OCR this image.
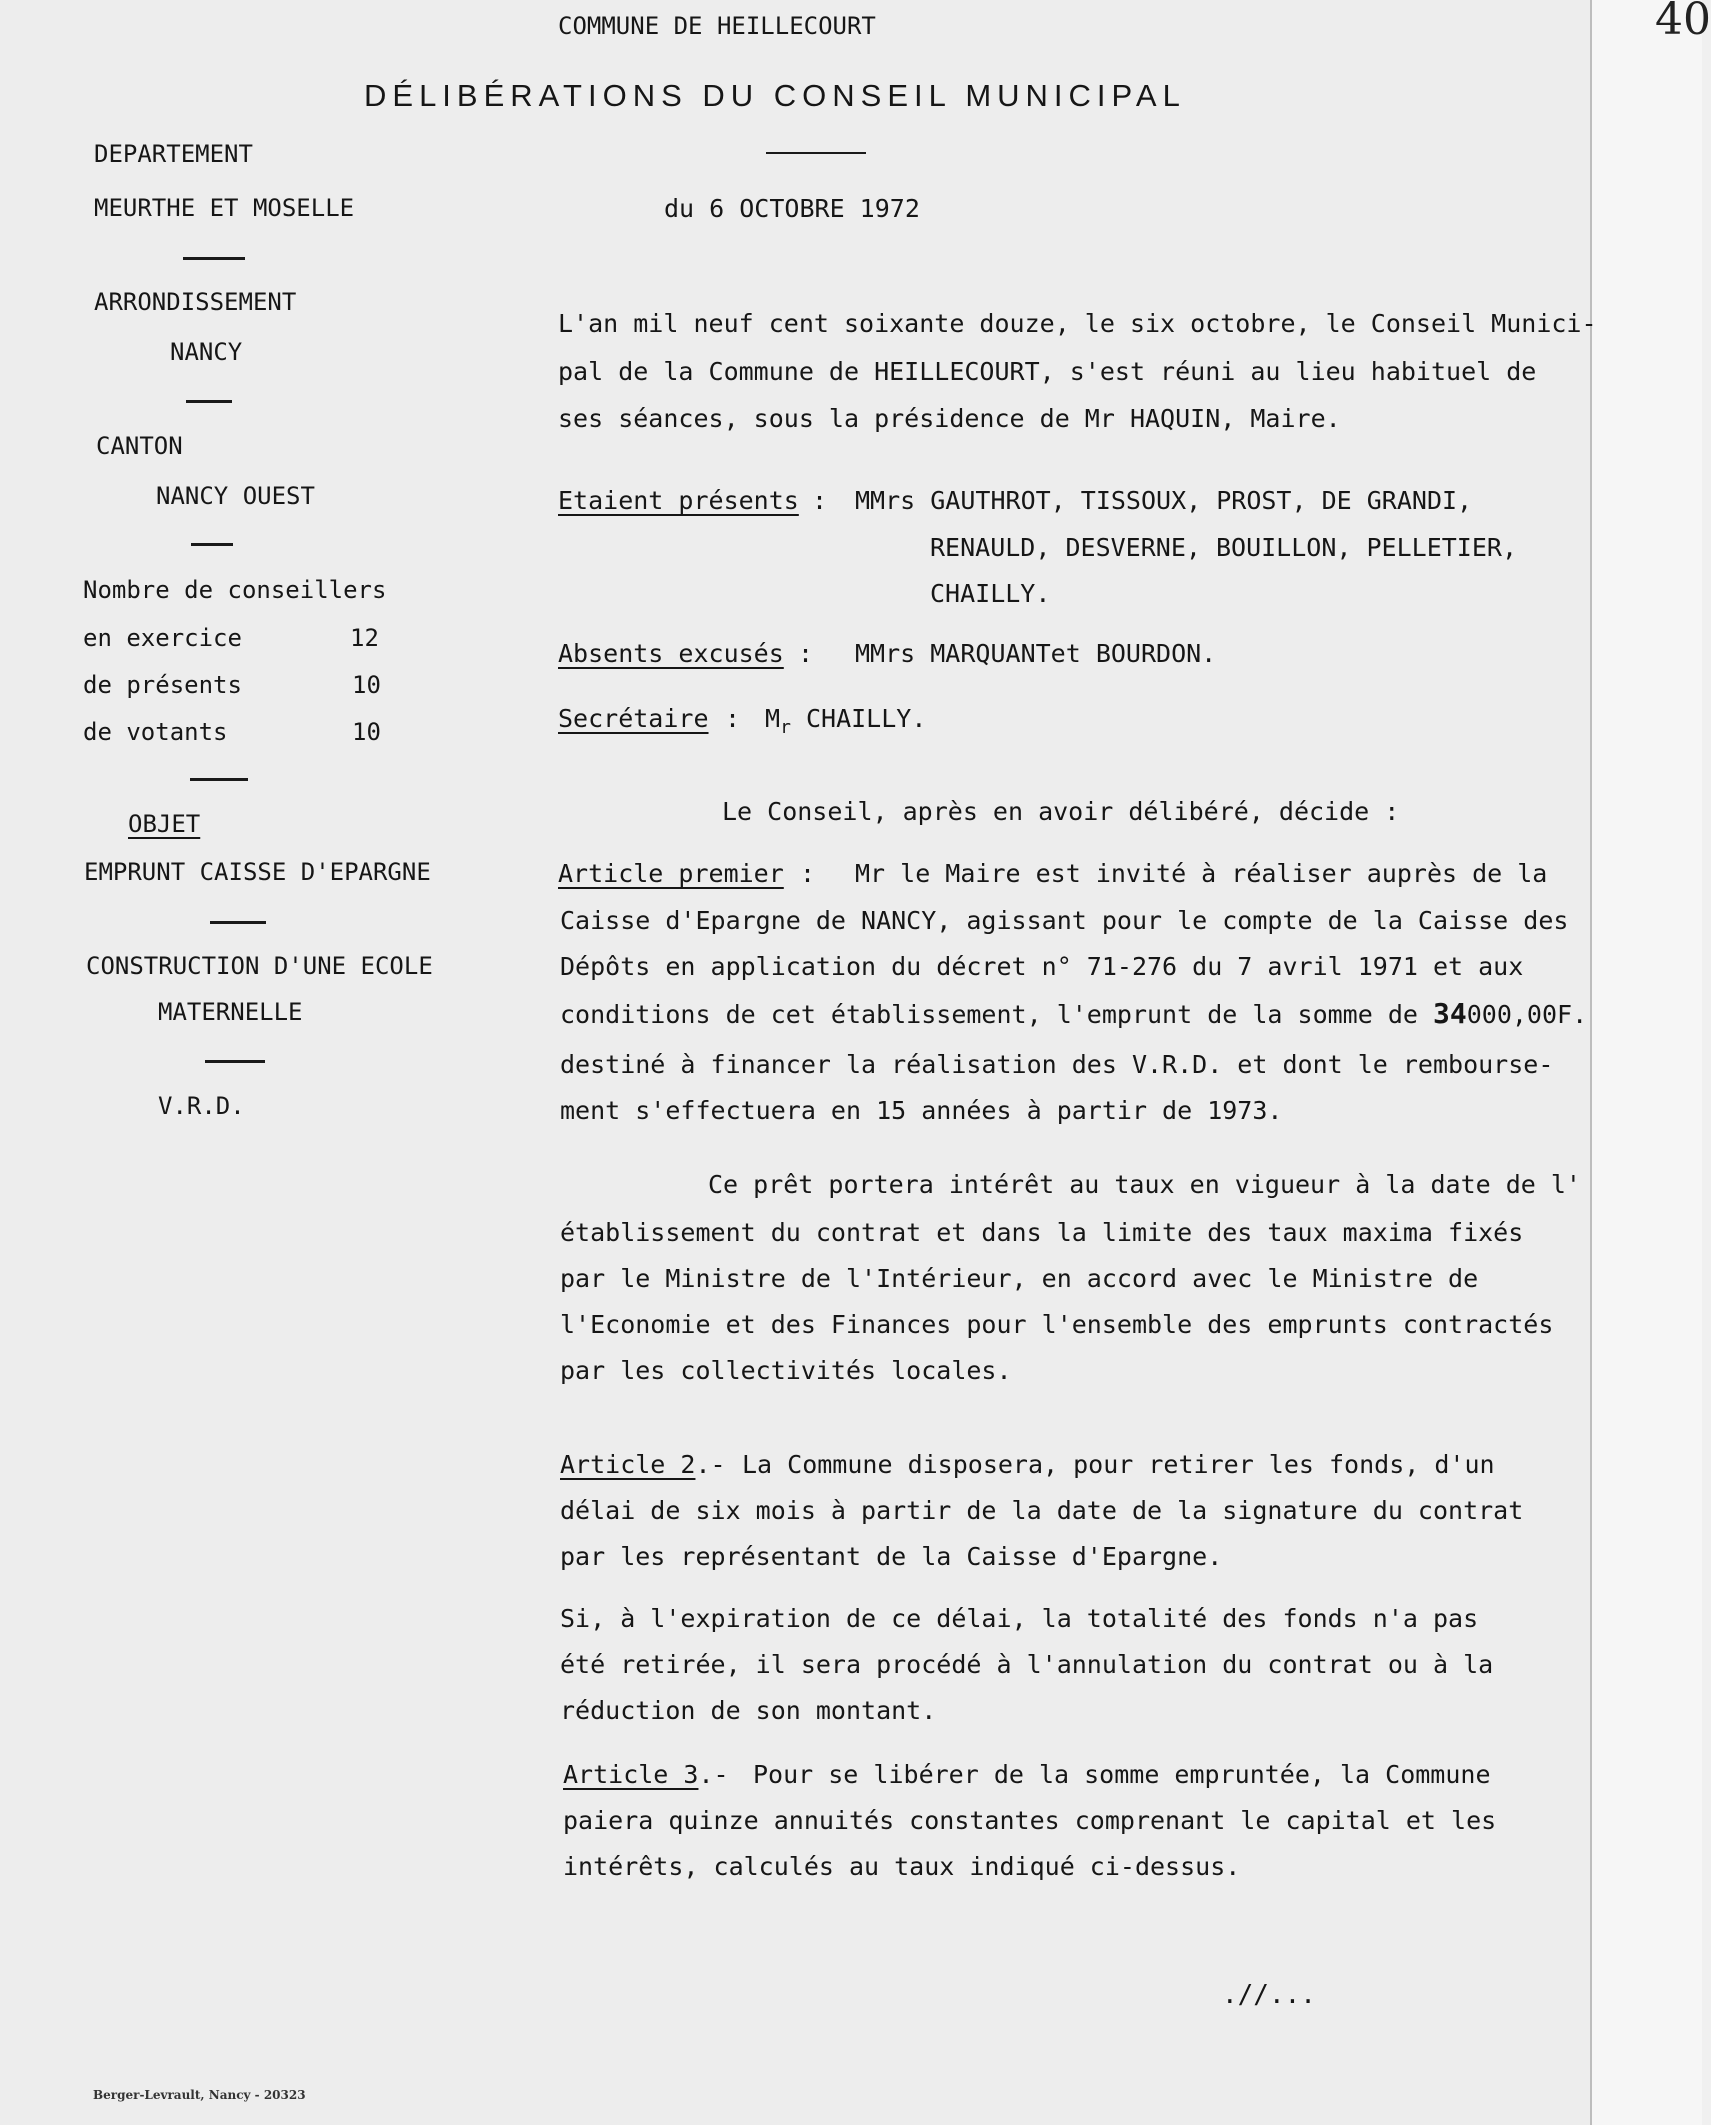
40
COMMUNE DE HEILLECOURT
DÉLIBÉRATIONS DU CONSEIL MUNICIPAL
du 6 OCTOBRE 1972
DEPARTEMENT
MEURTHE ET MOSELLE
ARRONDISSEMENT
NANCY
CANTON
NANCY OUEST
Nombre de conseillers
en exercice	12
de présents	10
de votants	10
OBJET
EMPRUNT CAISSE D'EPARGNE
CONSTRUCTION D'UNE ECOLE
MATERNELLE
V.R.D.
L'an mil neuf cent soixante douze, le six octobre, le Conseil Munici-
pal de la Commune de HEILLECOURT, s'est réuni au lieu habituel de
ses séances, sous la présidence de Mr HAQUIN, Maire.
Etaient présents : MMrs GAUTHROT, TISSOUX, PROST, DE GRANDI,
RENAULD, DESVERNE, BOUILLON, PELLETIER,
CHAILLY.
Absents excusés : MMrs MARQUANTet BOURDON.
Secrétaire : $M_r$ CHAILLY.
Le Conseil, après en avoir délibéré, décide :
Article premier : Mr le Maire est invité à réaliser auprès de la
Caisse d'Epargne de NANCY, agissant pour le compte de la Caisse des
Dépôts en application du décret n° 71-276 du 7 avril 1971 et aux
conditions de cet établissement, l'emprunt de la somme de 34000,00F.
destiné à financer la réalisation des V.R.D. et dont le rembourse-
ment s'effectuera en 15 années à partir de 1973.
Ce prêt portera intérêt au taux en vigueur à la date de l'
établissement du contrat et dans la limite des taux maxima fixés
par le Ministre de l'Intérieur, en accord avec le Ministre de
l'Economie et des Finances pour l'ensemble des emprunts contractés
par les collectivités locales.
Article 2.- La Commune disposera, pour retirer les fonds, d'un
délai de six mois à partir de la date de la signature du contrat
par les représentant de la Caisse d'Epargne.
Si, à l'expiration de ce délai, la totalité des fonds n'a pas
été retirée, il sera procédé à l'annulation du contrat ou à la
réduction de son montant.
Article 3.- Pour se libérer de la somme empruntée, la Commune
paiera quinze annuités constantes comprenant le capital et les
intérêts, calculés au taux indiqué ci-dessus.
.//...
Berger-Levrault, Nancy - 20323
